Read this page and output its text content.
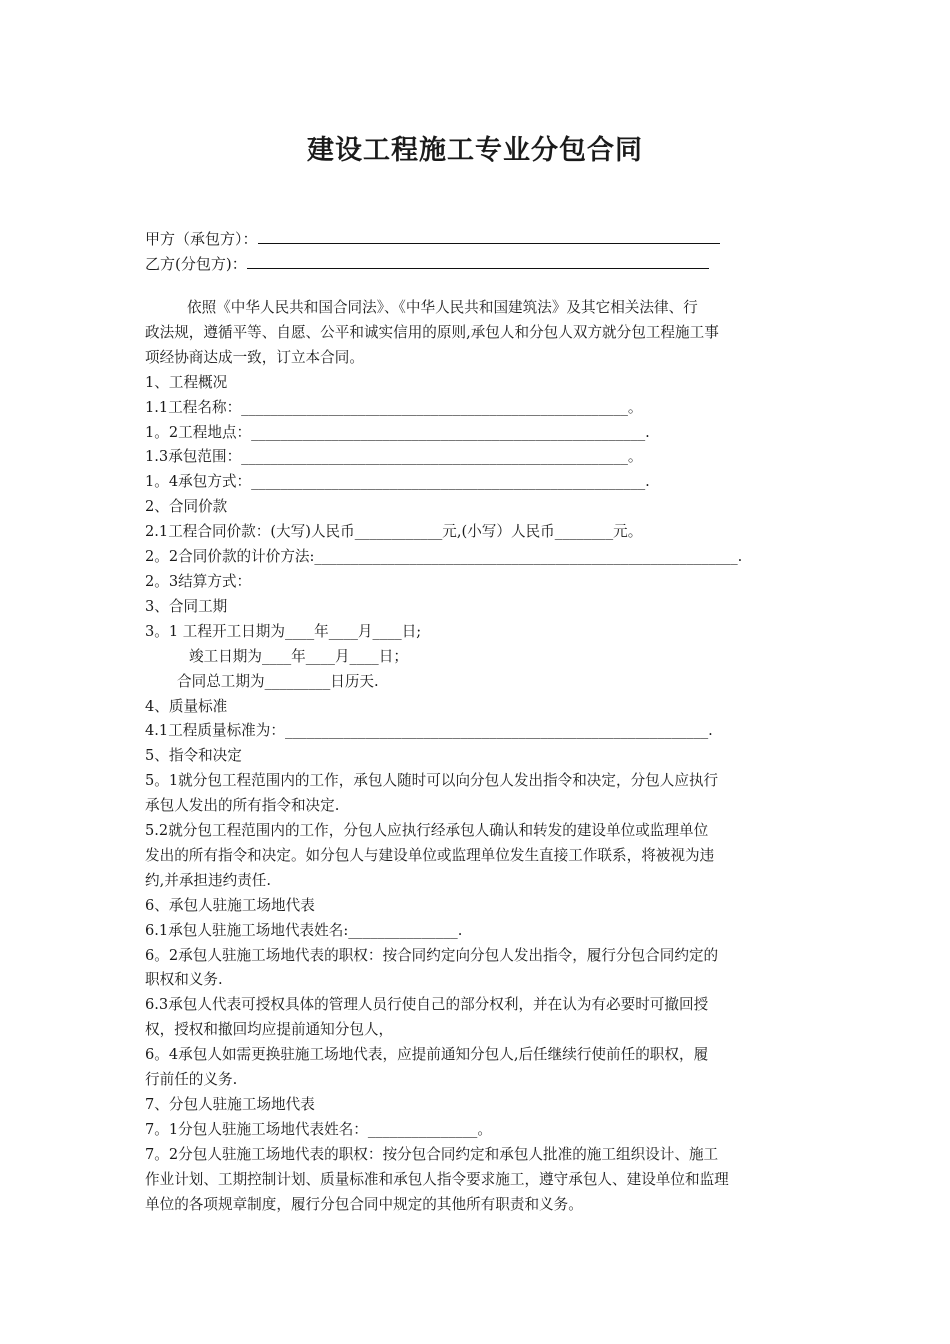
建设工程施工专业分包合同
甲方（承包方）：
乙方(分包方)：

依照《中华人民共和国合同法》、《中华人民共和国建筑法》及其它相关法律、行

政法规，遵循平等、自愿、公平和诚实信用的原则,承包人和分包人双方就分包工程施工事

项经协商达成一致，订立本合同。

1、工程概况

1.1工程名称：_____________________________________________________。

1。2工程地点：______________________________________________________.

1.3承包范围：_____________________________________________________。

1。4承包方式：______________________________________________________.

2、合同价款

2.1工程合同价款：(大写)人民币____________元,(小写）人民币________元。

2。2合同价款的计价方法:__________________________________________________________.

2。3结算方式：

3、合同工期

3。1 工程开工日期为____年____月____日;

竣工日期为____年____月____日；

合同总工期为_________日历天.

4、质量标准

4.1工程质量标准为：__________________________________________________________.

5、指令和决定

5。1就分包工程范围内的工作，承包人随时可以向分包人发出指令和决定，分包人应执行

承包人发出的所有指令和决定.

5.2就分包工程范围内的工作，分包人应执行经承包人确认和转发的建设单位或监理单位

发出的所有指令和决定。如分包人与建设单位或监理单位发生直接工作联系，将被视为违

约,并承担违约责任.

6、承包人驻施工场地代表

6.1承包人驻施工场地代表姓名:_______________.

6。2承包人驻施工场地代表的职权：按合同约定向分包人发出指令，履行分包合同约定的

职权和义务.

6.3承包人代表可授权具体的管理人员行使自己的部分权利，并在认为有必要时可撤回授

权，授权和撤回均应提前通知分包人，

6。4承包人如需更换驻施工场地代表，应提前通知分包人,后任继续行使前任的职权，履

行前任的义务.

7、分包人驻施工场地代表

7。1分包人驻施工场地代表姓名：_______________。

7。2分包人驻施工场地代表的职权：按分包合同约定和承包人批准的施工组织设计、施工

作业计划、工期控制计划、质量标准和承包人指令要求施工，遵守承包人、建设单位和监理

单位的各项规章制度，履行分包合同中规定的其他所有职责和义务。
